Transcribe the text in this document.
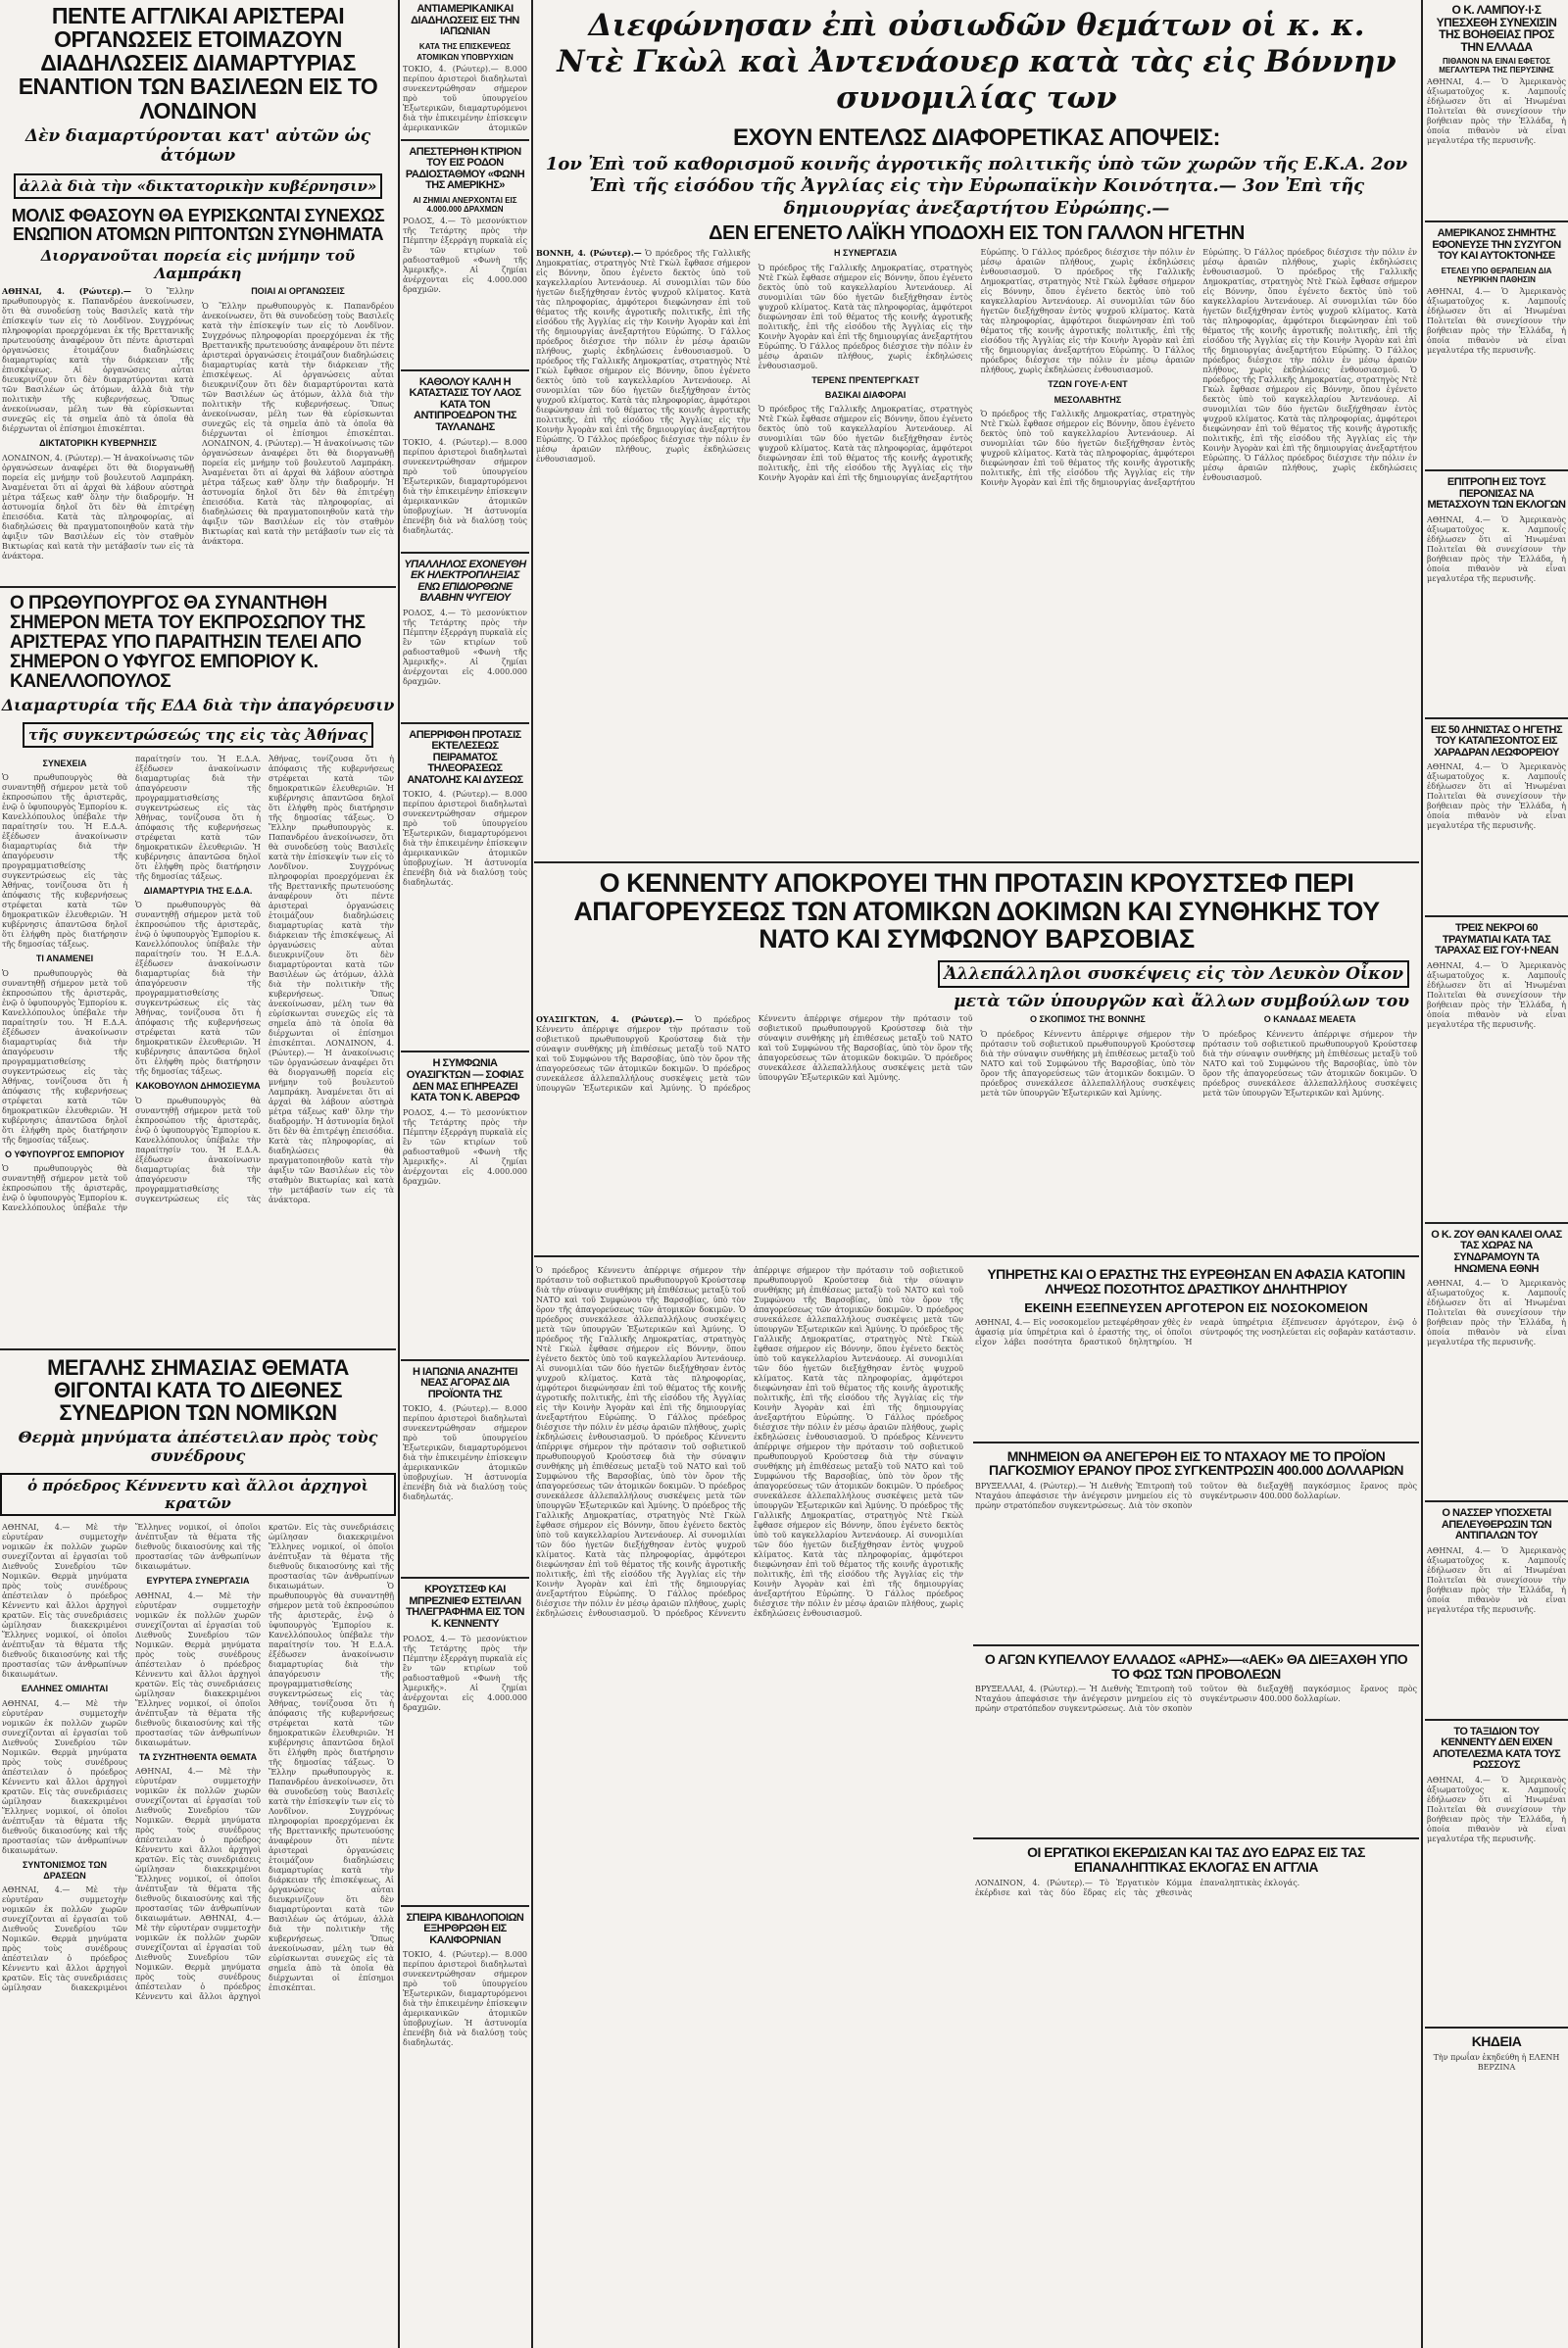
ΠΕΝΤΕ ΑΓΓΛΙΚΑΙ ΑΡΙΣΤΕΡΑΙ ΟΡΓΑΝΩΣΕΙΣ ΕΤΟΙΜΑΖΟΥΝ ΔΙΑΔΗΛΩΣΕΙΣ ΔΙΑΜΑΡΤΥΡΙΑΣ ΕΝΑΝΤΙΟΝ ΤΩΝ ΒΑΣΙΛΕΩΝ ΕΙΣ ΤΟ ΛΟΝΔΙΝΟΝ
Δὲν διαμαρτύρονται κατ' αὐτῶν ὡς ἀτόμων
ἀλλὰ διὰ τὴν «δικτατορικὴν κυβέρνησιν»
ΜΟΛΙΣ ΦΘΑΣΟΥΝ ΘΑ ΕΥΡΙΣΚΩΝΤΑΙ ΣΥΝΕΧΩΣ ΕΝΩΠΙΟΝ ΑΤΟΜΩΝ ΡΙΠΤΟΝΤΩΝ ΣΥΝΘΗΜΑΤΑ
Διοργανοῦται πορεία εἰς μνήμην τοῦ Λαμπράκη
ΑΘΗΝΑΙ, 4. (Ρώυτερ).— Ὁ Ἕλλην πρωθυπουργὸς κ. Παπανδρέου ἀνεκοίνωσεν, ὅτι θὰ συνοδεύσῃ τοὺς Βασιλεῖς κατὰ τὴν ἐπίσκεψίν των εἰς τὸ Λονδῖνον. Συγχρόνως πληροφορίαι προερχόμεναι ἐκ τῆς Βρεττανικῆς πρωτευούσης ἀναφέρουν ὅτι πέντε ἀριστεραὶ ὀργανώσεις ἑτοιμάζουν διαδηλώσεις διαμαρτυρίας κατὰ τὴν διάρκειαν τῆς ἐπισκέψεως. Αἱ ὀργανώσεις αὗται διευκρινίζουν ὅτι δὲν διαμαρτύρονται κατὰ τῶν Βασιλέων ὡς ἀτόμων, ἀλλὰ διὰ τὴν πολιτικὴν τῆς κυβερνήσεως. Ὅπως ἀνεκοίνωσαν, μέλη των θὰ εὑρίσκωνται συνεχῶς εἰς τὰ σημεῖα ἀπὸ τὰ ὁποῖα θὰ διέρχωνται οἱ ἐπίσημοι ἐπισκέπται.
ΔΙΚΤΑΤΟΡΙΚΗ ΚΥΒΕΡΝΗΣΙΣ
ΛΟΝΔΙΝΟΝ, 4. (Ρώυτερ).— Ἡ ἀνακοίνωσις τῶν ὀργανώσεων ἀναφέρει ὅτι θὰ διοργανωθῇ πορεία εἰς μνήμην τοῦ βουλευτοῦ Λαμπράκη. Ἀναμένεται ὅτι αἱ ἀρχαὶ θὰ λάβουν αὐστηρὰ μέτρα τάξεως καθ' ὅλην τὴν διαδρομήν. Ἡ ἀστυνομία δηλοῖ ὅτι δὲν θὰ ἐπιτρέψῃ ἐπεισόδια. Κατὰ τὰς πληροφορίας, αἱ διαδηλώσεις θὰ πραγματοποιηθοῦν κατὰ τὴν ἀφιξιν τῶν Βασιλέων εἰς τὸν σταθμὸν Βικτωρίας καὶ κατὰ τὴν μετάβασίν των εἰς τὰ ἀνάκτορα.
ΠΟΙΑΙ ΑΙ ΟΡΓΑΝΩΣΕΙΣ
Ὁ Ἕλλην πρωθυπουργὸς κ. Παπανδρέου ἀνεκοίνωσεν, ὅτι θὰ συνοδεύσῃ τοὺς Βασιλεῖς κατὰ τὴν ἐπίσκεψίν των εἰς τὸ Λονδῖνον. Συγχρόνως πληροφορίαι προερχόμεναι ἐκ τῆς Βρεττανικῆς πρωτευούσης ἀναφέρουν ὅτι πέντε ἀριστεραὶ ὀργανώσεις ἑτοιμάζουν διαδηλώσεις διαμαρτυρίας κατὰ τὴν διάρκειαν τῆς ἐπισκέψεως. Αἱ ὀργανώσεις αὗται διευκρινίζουν ὅτι δὲν διαμαρτύρονται κατὰ τῶν Βασιλέων ὡς ἀτόμων, ἀλλὰ διὰ τὴν πολιτικὴν τῆς κυβερνήσεως. Ὅπως ἀνεκοίνωσαν, μέλη των θὰ εὑρίσκωνται συνεχῶς εἰς τὰ σημεῖα ἀπὸ τὰ ὁποῖα θὰ διέρχωνται οἱ ἐπίσημοι ἐπισκέπται. ΛΟΝΔΙΝΟΝ, 4. (Ρώυτερ).— Ἡ ἀνακοίνωσις τῶν ὀργανώσεων ἀναφέρει ὅτι θὰ διοργανωθῇ πορεία εἰς μνήμην τοῦ βουλευτοῦ Λαμπράκη. Ἀναμένεται ὅτι αἱ ἀρχαὶ θὰ λάβουν αὐστηρὰ μέτρα τάξεως καθ' ὅλην τὴν διαδρομήν. Ἡ ἀστυνομία δηλοῖ ὅτι δὲν θὰ ἐπιτρέψῃ ἐπεισόδια. Κατὰ τὰς πληροφορίας, αἱ διαδηλώσεις θὰ πραγματοποιηθοῦν κατὰ τὴν ἀφιξιν τῶν Βασιλέων εἰς τὸν σταθμὸν Βικτωρίας καὶ κατὰ τὴν μετάβασίν των εἰς τὰ ἀνάκτορα.
Ο ΠΡΩΘΥΠΟΥΡΓΟΣ ΘΑ ΣΥΝΑΝΤΗΘΗ ΣΗΜΕΡΟΝ ΜΕΤΑ ΤΟΥ ΕΚΠΡΟΣΩΠΟΥ ΤΗΣ ΑΡΙΣΤΕΡΑΣ ΥΠΟ ΠΑΡΑΙΤΗΣΙΝ ΤΕΛΕΙ ΑΠΟ ΣΗΜΕΡΟΝ Ο ΥΦΥΓΟΣ ΕΜΠΟΡΙΟΥ Κ. ΚΑΝΕΛΛΟΠΟΥΛΟΣ
Διαμαρτυρία τῆς ΕΔΑ διὰ τὴν ἀπαγόρευσιν
τῆς συγκεντρώσεώς της εἰς τὰς Ἀθήνας
ΣΥΝΕΧΕΙΑ
Ὁ πρωθυπουργὸς θὰ συναντηθῇ σήμερον μετὰ τοῦ ἐκπροσώπου τῆς ἀριστερᾶς, ἐνῷ ὁ ὑφυπουργὸς Ἐμπορίου κ. Κανελλόπουλος ὑπέβαλε τὴν παραίτησίν του. Ἡ Ε.Δ.Α. ἐξέδωσεν ἀνακοίνωσιν διαμαρτυρίας διὰ τὴν ἀπαγόρευσιν τῆς προγραμματισθείσης συγκεντρώσεως εἰς τὰς Ἀθήνας, τονίζουσα ὅτι ἡ ἀπόφασις τῆς κυβερνήσεως στρέφεται κατὰ τῶν δημοκρατικῶν ἐλευθεριῶν. Ἡ κυβέρνησις ἀπαντῶσα δηλοῖ ὅτι ἐλήφθη πρὸς διατήρησιν τῆς δημοσίας τάξεως.
ΤΙ ΑΝΑΜΕΝΕΙ
Ὁ πρωθυπουργὸς θὰ συναντηθῇ σήμερον μετὰ τοῦ ἐκπροσώπου τῆς ἀριστερᾶς, ἐνῷ ὁ ὑφυπουργὸς Ἐμπορίου κ. Κανελλόπουλος ὑπέβαλε τὴν παραίτησίν του. Ἡ Ε.Δ.Α. ἐξέδωσεν ἀνακοίνωσιν διαμαρτυρίας διὰ τὴν ἀπαγόρευσιν τῆς προγραμματισθείσης συγκεντρώσεως εἰς τὰς Ἀθήνας, τονίζουσα ὅτι ἡ ἀπόφασις τῆς κυβερνήσεως στρέφεται κατὰ τῶν δημοκρατικῶν ἐλευθεριῶν. Ἡ κυβέρνησις ἀπαντῶσα δηλοῖ ὅτι ἐλήφθη πρὸς διατήρησιν τῆς δημοσίας τάξεως.
Ο ΥΦΥΠΟΥΡΓΟΣ ΕΜΠΟΡΙΟΥ
Ὁ πρωθυπουργὸς θὰ συναντηθῇ σήμερον μετὰ τοῦ ἐκπροσώπου τῆς ἀριστερᾶς, ἐνῷ ὁ ὑφυπουργὸς Ἐμπορίου κ. Κανελλόπουλος ὑπέβαλε τὴν παραίτησίν του. Ἡ Ε.Δ.Α. ἐξέδωσεν ἀνακοίνωσιν διαμαρτυρίας διὰ τὴν ἀπαγόρευσιν τῆς προγραμματισθείσης συγκεντρώσεως εἰς τὰς Ἀθήνας, τονίζουσα ὅτι ἡ ἀπόφασις τῆς κυβερνήσεως στρέφεται κατὰ τῶν δημοκρατικῶν ἐλευθεριῶν. Ἡ κυβέρνησις ἀπαντῶσα δηλοῖ ὅτι ἐλήφθη πρὸς διατήρησιν τῆς δημοσίας τάξεως.
ΔΙΑΜΑΡΤΥΡΙΑ ΤΗΣ Ε.Δ.Α.
Ὁ πρωθυπουργὸς θὰ συναντηθῇ σήμερον μετὰ τοῦ ἐκπροσώπου τῆς ἀριστερᾶς, ἐνῷ ὁ ὑφυπουργὸς Ἐμπορίου κ. Κανελλόπουλος ὑπέβαλε τὴν παραίτησίν του. Ἡ Ε.Δ.Α. ἐξέδωσεν ἀνακοίνωσιν διαμαρτυρίας διὰ τὴν ἀπαγόρευσιν τῆς προγραμματισθείσης συγκεντρώσεως εἰς τὰς Ἀθήνας, τονίζουσα ὅτι ἡ ἀπόφασις τῆς κυβερνήσεως στρέφεται κατὰ τῶν δημοκρατικῶν ἐλευθεριῶν. Ἡ κυβέρνησις ἀπαντῶσα δηλοῖ ὅτι ἐλήφθη πρὸς διατήρησιν τῆς δημοσίας τάξεως.
ΚΑΚΟΒΟΥΛΟΝ ΔΗΜΟΣΙΕΥΜΑ
Ὁ πρωθυπουργὸς θὰ συναντηθῇ σήμερον μετὰ τοῦ ἐκπροσώπου τῆς ἀριστερᾶς, ἐνῷ ὁ ὑφυπουργὸς Ἐμπορίου κ. Κανελλόπουλος ὑπέβαλε τὴν παραίτησίν του. Ἡ Ε.Δ.Α. ἐξέδωσεν ἀνακοίνωσιν διαμαρτυρίας διὰ τὴν ἀπαγόρευσιν τῆς προγραμματισθείσης συγκεντρώσεως εἰς τὰς Ἀθήνας, τονίζουσα ὅτι ἡ ἀπόφασις τῆς κυβερνήσεως στρέφεται κατὰ τῶν δημοκρατικῶν ἐλευθεριῶν. Ἡ κυβέρνησις ἀπαντῶσα δηλοῖ ὅτι ἐλήφθη πρὸς διατήρησιν τῆς δημοσίας τάξεως. Ὁ Ἕλλην πρωθυπουργὸς κ. Παπανδρέου ἀνεκοίνωσεν, ὅτι θὰ συνοδεύσῃ τοὺς Βασιλεῖς κατὰ τὴν ἐπίσκεψίν των εἰς τὸ Λονδῖνον. Συγχρόνως πληροφορίαι προερχόμεναι ἐκ τῆς Βρεττανικῆς πρωτευούσης ἀναφέρουν ὅτι πέντε ἀριστεραὶ ὀργανώσεις ἑτοιμάζουν διαδηλώσεις διαμαρτυρίας κατὰ τὴν διάρκειαν τῆς ἐπισκέψεως. Αἱ ὀργανώσεις αὗται διευκρινίζουν ὅτι δὲν διαμαρτύρονται κατὰ τῶν Βασιλέων ὡς ἀτόμων, ἀλλὰ διὰ τὴν πολιτικὴν τῆς κυβερνήσεως. Ὅπως ἀνεκοίνωσαν, μέλη των θὰ εὑρίσκωνται συνεχῶς εἰς τὰ σημεῖα ἀπὸ τὰ ὁποῖα θὰ διέρχωνται οἱ ἐπίσημοι ἐπισκέπται. ΛΟΝΔΙΝΟΝ, 4. (Ρώυτερ).— Ἡ ἀνακοίνωσις τῶν ὀργανώσεων ἀναφέρει ὅτι θὰ διοργανωθῇ πορεία εἰς μνήμην τοῦ βουλευτοῦ Λαμπράκη. Ἀναμένεται ὅτι αἱ ἀρχαὶ θὰ λάβουν αὐστηρὰ μέτρα τάξεως καθ' ὅλην τὴν διαδρομήν. Ἡ ἀστυνομία δηλοῖ ὅτι δὲν θὰ ἐπιτρέψῃ ἐπεισόδια. Κατὰ τὰς πληροφορίας, αἱ διαδηλώσεις θὰ πραγματοποιηθοῦν κατὰ τὴν ἀφιξιν τῶν Βασιλέων εἰς τὸν σταθμὸν Βικτωρίας καὶ κατὰ τὴν μετάβασίν των εἰς τὰ ἀνάκτορα.
ΜΕΓΑΛΗΣ ΣΗΜΑΣΙΑΣ ΘΕΜΑΤΑ ΘΙΓΟΝΤΑΙ ΚΑΤΑ ΤΟ ΔΙΕΘΝΕΣ ΣΥΝΕΔΡΙΟΝ ΤΩΝ ΝΟΜΙΚΩΝ
Θερμὰ μηνύματα ἀπέστειλαν πρὸς τοὺς συνέδρους
ὁ πρόεδρος Κέννεντυ καὶ ἄλλοι ἀρχηγοὶ κρατῶν
ΑΘΗΝΑΙ, 4.— Μὲ τὴν εὐρυτέραν συμμετοχὴν νομικῶν ἐκ πολλῶν χωρῶν συνεχίζονται αἱ ἐργασίαι τοῦ Διεθνοῦς Συνεδρίου τῶν Νομικῶν. Θερμὰ μηνύματα πρὸς τοὺς συνέδρους ἀπέστειλαν ὁ πρόεδρος Κέννεντυ καὶ ἄλλοι ἀρχηγοὶ κρατῶν. Εἰς τὰς συνεδριάσεις ὡμίλησαν διακεκριμένοι Ἕλληνες νομικοί, οἱ ὁποῖοι ἀνέπτυξαν τὰ θέματα τῆς διεθνοῦς δικαιοσύνης καὶ τῆς προστασίας τῶν ἀνθρωπίνων δικαιωμάτων.
ΕΛΛΗΝΕΣ ΟΜΙΛΗΤΑΙ
ΑΘΗΝΑΙ, 4.— Μὲ τὴν εὐρυτέραν συμμετοχὴν νομικῶν ἐκ πολλῶν χωρῶν συνεχίζονται αἱ ἐργασίαι τοῦ Διεθνοῦς Συνεδρίου τῶν Νομικῶν. Θερμὰ μηνύματα πρὸς τοὺς συνέδρους ἀπέστειλαν ὁ πρόεδρος Κέννεντυ καὶ ἄλλοι ἀρχηγοὶ κρατῶν. Εἰς τὰς συνεδριάσεις ὡμίλησαν διακεκριμένοι Ἕλληνες νομικοί, οἱ ὁποῖοι ἀνέπτυξαν τὰ θέματα τῆς διεθνοῦς δικαιοσύνης καὶ τῆς προστασίας τῶν ἀνθρωπίνων δικαιωμάτων.
ΣΥΝΤΟΝΙΣΜΟΣ ΤΩΝ ΔΡΑΣΕΩΝ
ΑΘΗΝΑΙ, 4.— Μὲ τὴν εὐρυτέραν συμμετοχὴν νομικῶν ἐκ πολλῶν χωρῶν συνεχίζονται αἱ ἐργασίαι τοῦ Διεθνοῦς Συνεδρίου τῶν Νομικῶν. Θερμὰ μηνύματα πρὸς τοὺς συνέδρους ἀπέστειλαν ὁ πρόεδρος Κέννεντυ καὶ ἄλλοι ἀρχηγοὶ κρατῶν. Εἰς τὰς συνεδριάσεις ὡμίλησαν διακεκριμένοι Ἕλληνες νομικοί, οἱ ὁποῖοι ἀνέπτυξαν τὰ θέματα τῆς διεθνοῦς δικαιοσύνης καὶ τῆς προστασίας τῶν ἀνθρωπίνων δικαιωμάτων.
ΕΥΡΥΤΕΡΑ ΣΥΝΕΡΓΑΣΙΑ
ΑΘΗΝΑΙ, 4.— Μὲ τὴν εὐρυτέραν συμμετοχὴν νομικῶν ἐκ πολλῶν χωρῶν συνεχίζονται αἱ ἐργασίαι τοῦ Διεθνοῦς Συνεδρίου τῶν Νομικῶν. Θερμὰ μηνύματα πρὸς τοὺς συνέδρους ἀπέστειλαν ὁ πρόεδρος Κέννεντυ καὶ ἄλλοι ἀρχηγοὶ κρατῶν. Εἰς τὰς συνεδριάσεις ὡμίλησαν διακεκριμένοι Ἕλληνες νομικοί, οἱ ὁποῖοι ἀνέπτυξαν τὰ θέματα τῆς διεθνοῦς δικαιοσύνης καὶ τῆς προστασίας τῶν ἀνθρωπίνων δικαιωμάτων.
ΤΑ ΣΥΖΗΤΗΘΕΝΤΑ ΘΕΜΑΤΑ
ΑΘΗΝΑΙ, 4.— Μὲ τὴν εὐρυτέραν συμμετοχὴν νομικῶν ἐκ πολλῶν χωρῶν συνεχίζονται αἱ ἐργασίαι τοῦ Διεθνοῦς Συνεδρίου τῶν Νομικῶν. Θερμὰ μηνύματα πρὸς τοὺς συνέδρους ἀπέστειλαν ὁ πρόεδρος Κέννεντυ καὶ ἄλλοι ἀρχηγοὶ κρατῶν. Εἰς τὰς συνεδριάσεις ὡμίλησαν διακεκριμένοι Ἕλληνες νομικοί, οἱ ὁποῖοι ἀνέπτυξαν τὰ θέματα τῆς διεθνοῦς δικαιοσύνης καὶ τῆς προστασίας τῶν ἀνθρωπίνων δικαιωμάτων. ΑΘΗΝΑΙ, 4.— Μὲ τὴν εὐρυτέραν συμμετοχὴν νομικῶν ἐκ πολλῶν χωρῶν συνεχίζονται αἱ ἐργασίαι τοῦ Διεθνοῦς Συνεδρίου τῶν Νομικῶν. Θερμὰ μηνύματα πρὸς τοὺς συνέδρους ἀπέστειλαν ὁ πρόεδρος Κέννεντυ καὶ ἄλλοι ἀρχηγοὶ κρατῶν. Εἰς τὰς συνεδριάσεις ὡμίλησαν διακεκριμένοι Ἕλληνες νομικοί, οἱ ὁποῖοι ἀνέπτυξαν τὰ θέματα τῆς διεθνοῦς δικαιοσύνης καὶ τῆς προστασίας τῶν ἀνθρωπίνων δικαιωμάτων.	Ὁ πρωθυπουργὸς θὰ συναντηθῇ σήμερον μετὰ τοῦ ἐκπροσώπου τῆς ἀριστερᾶς, ἐνῷ ὁ ὑφυπουργὸς Ἐμπορίου κ. Κανελλόπουλος ὑπέβαλε τὴν παραίτησίν του. Ἡ Ε.Δ.Α. ἐξέδωσεν ἀνακοίνωσιν διαμαρτυρίας διὰ τὴν ἀπαγόρευσιν τῆς προγραμματισθείσης συγκεντρώσεως εἰς τὰς Ἀθήνας, τονίζουσα ὅτι ἡ ἀπόφασις τῆς κυβερνήσεως στρέφεται κατὰ τῶν δημοκρατικῶν ἐλευθεριῶν. Ἡ κυβέρνησις ἀπαντῶσα δηλοῖ ὅτι ἐλήφθη πρὸς διατήρησιν τῆς δημοσίας τάξεως. Ὁ Ἕλλην πρωθυπουργὸς κ. Παπανδρέου ἀνεκοίνωσεν, ὅτι θὰ συνοδεύσῃ τοὺς Βασιλεῖς κατὰ τὴν ἐπίσκεψίν των εἰς τὸ Λονδῖνον. Συγχρόνως πληροφορίαι προερχόμεναι ἐκ τῆς Βρεττανικῆς πρωτευούσης ἀναφέρουν ὅτι πέντε ἀριστεραὶ ὀργανώσεις ἑτοιμάζουν διαδηλώσεις διαμαρτυρίας κατὰ τὴν διάρκειαν τῆς ἐπισκέψεως. Αἱ ὀργανώσεις αὗται διευκρινίζουν ὅτι δὲν διαμαρτύρονται κατὰ τῶν Βασιλέων ὡς ἀτόμων, ἀλλὰ διὰ τὴν πολιτικὴν τῆς κυβερνήσεως. Ὅπως ἀνεκοίνωσαν, μέλη των θὰ εὑρίσκωνται συνεχῶς εἰς τὰ σημεῖα ἀπὸ τὰ ὁποῖα θὰ διέρχωνται οἱ ἐπίσημοι ἐπισκέπται.
ΑΝΤΙΑΜΕΡΙΚΑΝΙΚΑΙ ΔΙΑΔΗΛΩΣΕΙΣ ΕΙΣ ΤΗΝ ΙΑΠΩΝΙΑΝ
ΚΑΤΑ ΤΗΣ ΕΠΙΣΚΕΨΕΩΣ
ΑΤΟΜΙΚΩΝ ΥΠΟΒΡΥΧΙΩΝ
ΤΟΚΙΟ, 4. (Ρώυτερ).— 8.000 περίπου ἀριστεροὶ διαδηλωταὶ συνεκεντρώθησαν σήμερον πρὸ τοῦ ὑπουργείου Ἐξωτερικῶν, διαμαρτυρόμενοι διὰ τὴν ἐπικειμένην ἐπίσκεψιν ἀμερικανικῶν ἀτομικῶν
ΑΠΕΣΤΕΡΗΘΗ ΚΤΙΡΙΟΝ ΤΟΥ ΕΙΣ ΡΟΔΟΝ ΡΑΔΙΟΣΤΑΘΜΟΥ «ΦΩΝΗ ΤΗΣ ΑΜΕΡΙΚΗΣ»
ΑΙ ΖΗΜΙΑΙ ΑΝΕΡΧΟΝΤΑΙ ΕΙΣ 4.000.000 ΔΡΑΧΜΩΝ
ΡΟΔΟΣ, 4.— Τὸ μεσονύκτιον τῆς Τετάρτης πρὸς τὴν Πέμπτην ἐξερράγη πυρκαϊὰ εἰς ἓν τῶν κτιρίων τοῦ ραδιοσταθμοῦ «Φωνὴ τῆς Ἀμερικῆς». Αἱ ζημίαι ἀνέρχονται εἰς 4.000.000 δραχμῶν.
ΚΑΘΟΛΟΥ ΚΑΛΗ Η ΚΑΤΑΣΤΑΣΙΣ ΤΟΥ ΛΑΟΣ ΚΑΤΑ ΤΟΝ ΑΝΤΙΠΡΟΕΔΡΟΝ ΤΗΣ ΤΑΥΛΑΝΔΗΣ
ΤΟΚΙΟ, 4. (Ρώυτερ).— 8.000 περίπου ἀριστεροὶ διαδηλωταὶ συνεκεντρώθησαν σήμερον πρὸ τοῦ ὑπουργείου Ἐξωτερικῶν, διαμαρτυρόμενοι διὰ τὴν ἐπικειμένην ἐπίσκεψιν ἀμερικανικῶν ἀτομικῶν ὑποβρυχίων. Ἡ ἀστυνομία ἐπενέβη διὰ νὰ διαλύσῃ τοὺς διαδηλωτάς.
ΥΠΑΛΛΗΛΟΣ ΕΧΟΝΕΥΘΗ ΕΚ ΗΛΕΚΤΡΟΠΛΗΞΙΑΣ ΕΝΩ ΕΠΙΔΙΟΡΘΩΝΕ ΒΛΑΒΗΝ ΨΥΓΕΙΟΥ
ΡΟΔΟΣ, 4.— Τὸ μεσονύκτιον τῆς Τετάρτης πρὸς τὴν Πέμπτην ἐξερράγη πυρκαϊὰ εἰς ἓν τῶν κτιρίων τοῦ ραδιοσταθμοῦ «Φωνὴ τῆς Ἀμερικῆς». Αἱ ζημίαι ἀνέρχονται εἰς 4.000.000 δραχμῶν.
ΑΠΕΡΡΙΦΘΗ ΠΡΟΤΑΣΙΣ ΕΚΤΕΛΕΣΕΩΣ ΠΕΙΡΑΜΑΤΟΣ ΤΗΛΕΟΡΑΣΕΩΣ ΑΝΑΤΟΛΗΣ ΚΑΙ ΔΥΣΕΩΣ
ΤΟΚΙΟ, 4. (Ρώυτερ).— 8.000 περίπου ἀριστεροὶ διαδηλωταὶ συνεκεντρώθησαν σήμερον πρὸ τοῦ ὑπουργείου Ἐξωτερικῶν, διαμαρτυρόμενοι διὰ τὴν ἐπικειμένην ἐπίσκεψιν ἀμερικανικῶν ἀτομικῶν ὑποβρυχίων. Ἡ ἀστυνομία ἐπενέβη διὰ νὰ διαλύσῃ τοὺς διαδηλωτάς.
Η ΣΥΜΦΩΝΙΑ ΟΥΑΣΙΓΚΤΩΝ — ΣΟΦΙΑΣ ΔΕΝ ΜΑΣ ΕΠΗΡΕΑΖΕΙ ΚΑΤΑ ΤΟΝ Κ. ΑΒΕΡΩΦ
ΡΟΔΟΣ, 4.— Τὸ μεσονύκτιον τῆς Τετάρτης πρὸς τὴν Πέμπτην ἐξερράγη πυρκαϊὰ εἰς ἓν τῶν κτιρίων τοῦ ραδιοσταθμοῦ «Φωνὴ τῆς Ἀμερικῆς». Αἱ ζημίαι ἀνέρχονται εἰς 4.000.000 δραχμῶν.
Η ΙΑΠΩΝΙΑ ΑΝΑΖΗΤΕΙ ΝΕΑΣ ΑΓΟΡΑΣ ΔΙΑ ΠΡΟΪΟΝΤΑ ΤΗΣ
ΤΟΚΙΟ, 4. (Ρώυτερ).— 8.000 περίπου ἀριστεροὶ διαδηλωταὶ συνεκεντρώθησαν σήμερον πρὸ τοῦ ὑπουργείου Ἐξωτερικῶν, διαμαρτυρόμενοι διὰ τὴν ἐπικειμένην ἐπίσκεψιν ἀμερικανικῶν ἀτομικῶν ὑποβρυχίων. Ἡ ἀστυνομία ἐπενέβη διὰ νὰ διαλύσῃ τοὺς διαδηλωτάς.
ΚΡΟΥΣΤΣΕΦ ΚΑΙ ΜΠΡΕΖΝΙΕΦ ΕΣΤΕΙΛΑΝ ΤΗΛΕΓΡΑΦΗΜΑ ΕΙΣ ΤΟΝ Κ. ΚΕΝΝΕΝΤΥ
ΡΟΔΟΣ, 4.— Τὸ μεσονύκτιον τῆς Τετάρτης πρὸς τὴν Πέμπτην ἐξερράγη πυρκαϊὰ εἰς ἓν τῶν κτιρίων τοῦ ραδιοσταθμοῦ «Φωνὴ τῆς Ἀμερικῆς». Αἱ ζημίαι ἀνέρχονται εἰς 4.000.000 δραχμῶν.
ΣΠΕΙΡΑ ΚΙΒΔΗΛΟΠΟΙΩΝ ΕΞΗΡΘΡΩΘΗ ΕΙΣ ΚΑΛΙΦΟΡΝΙΑΝ
ΤΟΚΙΟ, 4. (Ρώυτερ).— 8.000 περίπου ἀριστεροὶ διαδηλωταὶ συνεκεντρώθησαν σήμερον πρὸ τοῦ ὑπουργείου Ἐξωτερικῶν, διαμαρτυρόμενοι διὰ τὴν ἐπικειμένην ἐπίσκεψιν ἀμερικανικῶν ἀτομικῶν ὑποβρυχίων. Ἡ ἀστυνομία ἐπενέβη διὰ νὰ διαλύσῃ τοὺς διαδηλωτάς.
Διεφώνησαν ἐπὶ οὐσιωδῶν θεμάτων οἱ κ. κ. Ντὲ Γκὼλ καὶ Ἀντενάουερ κατὰ τὰς εἰς Βόννην συνομιλίας των
ΕΧΟΥΝ ΕΝΤΕΛΩΣ ΔΙΑΦΟΡΕΤΙΚΑΣ ΑΠΟΨΕΙΣ:
1ον Ἐπὶ τοῦ καθορισμοῦ κοινῆς ἀγροτικῆς πολιτικῆς ὑπὸ τῶν χωρῶν τῆς Ε.Κ.Α. 2ον Ἐπὶ τῆς εἰσόδου τῆς Ἀγγλίας εἰς τὴν Εὐρωπαϊκὴν Κοινότητα.— 3ον Ἐπὶ τῆς δημιουργίας ἀνεξαρτήτου Εὐρώπης.—
ΔΕΝ ΕΓΕΝΕΤΟ ΛΑΪΚΗ ΥΠΟΔΟΧΗ ΕΙΣ ΤΟΝ ΓΑΛΛΟΝ ΗΓΕΤΗΝ
ΒΟΝΝΗ, 4. (Ρώυτερ).— Ὁ πρόεδρος τῆς Γαλλικῆς Δημοκρατίας, στρατηγὸς Ντὲ Γκὼλ ἔφθασε σήμερον εἰς Βόννην, ὅπου ἐγένετο δεκτὸς ὑπὸ τοῦ καγκελλαρίου Ἀντενάουερ. Αἱ συνομιλίαι τῶν δύο ἡγετῶν διεξήχθησαν ἐντὸς ψυχροῦ κλίματος. Κατὰ τὰς πληροφορίας, ἀμφότεροι διεφώνησαν ἐπὶ τοῦ θέματος τῆς κοινῆς ἀγροτικῆς πολιτικῆς, ἐπὶ τῆς εἰσόδου τῆς Ἀγγλίας εἰς τὴν Κοινὴν Ἀγορὰν καὶ ἐπὶ τῆς δημιουργίας ἀνεξαρτήτου Εὐρώπης. Ὁ Γάλλος πρόεδρος διέσχισε τὴν πόλιν ἐν μέσῳ ἀραιῶν πλήθους, χωρὶς ἐκδηλώσεις ἐνθουσιασμοῦ. Ὁ πρόεδρος τῆς Γαλλικῆς Δημοκρατίας, στρατηγὸς Ντὲ Γκὼλ ἔφθασε σήμερον εἰς Βόννην, ὅπου ἐγένετο δεκτὸς ὑπὸ τοῦ καγκελλαρίου Ἀντενάουερ. Αἱ συνομιλίαι τῶν δύο ἡγετῶν διεξήχθησαν ἐντὸς ψυχροῦ κλίματος. Κατὰ τὰς πληροφορίας, ἀμφότεροι διεφώνησαν ἐπὶ τοῦ θέματος τῆς κοινῆς ἀγροτικῆς πολιτικῆς, ἐπὶ τῆς εἰσόδου τῆς Ἀγγλίας εἰς τὴν Κοινὴν Ἀγορὰν καὶ ἐπὶ τῆς δημιουργίας ἀνεξαρτήτου Εὐρώπης. Ὁ Γάλλος πρόεδρος διέσχισε τὴν πόλιν ἐν μέσῳ ἀραιῶν πλήθους, χωρὶς ἐκδηλώσεις ἐνθουσιασμοῦ.
Η ΣΥΝΕΡΓΑΣΙΑ
Ὁ πρόεδρος τῆς Γαλλικῆς Δημοκρατίας, στρατηγὸς Ντὲ Γκὼλ ἔφθασε σήμερον εἰς Βόννην, ὅπου ἐγένετο δεκτὸς ὑπὸ τοῦ καγκελλαρίου Ἀντενάουερ. Αἱ συνομιλίαι τῶν δύο ἡγετῶν διεξήχθησαν ἐντὸς ψυχροῦ κλίματος. Κατὰ τὰς πληροφορίας, ἀμφότεροι διεφώνησαν ἐπὶ τοῦ θέματος τῆς κοινῆς ἀγροτικῆς πολιτικῆς, ἐπὶ τῆς εἰσόδου τῆς Ἀγγλίας εἰς τὴν Κοινὴν Ἀγορὰν καὶ ἐπὶ τῆς δημιουργίας ἀνεξαρτήτου Εὐρώπης. Ὁ Γάλλος πρόεδρος διέσχισε τὴν πόλιν ἐν μέσῳ ἀραιῶν πλήθους, χωρὶς ἐκδηλώσεις ἐνθουσιασμοῦ.
ΤΕΡΕΝΣ ΠΡΕΝΤΕΡΓΚΑΣΤ
ΒΑΣΙΚΑΙ ΔΙΑΦΟΡΑΙ
Ὁ πρόεδρος τῆς Γαλλικῆς Δημοκρατίας, στρατηγὸς Ντὲ Γκὼλ ἔφθασε σήμερον εἰς Βόννην, ὅπου ἐγένετο δεκτὸς ὑπὸ τοῦ καγκελλαρίου Ἀντενάουερ. Αἱ συνομιλίαι τῶν δύο ἡγετῶν διεξήχθησαν ἐντὸς ψυχροῦ κλίματος. Κατὰ τὰς πληροφορίας, ἀμφότεροι διεφώνησαν ἐπὶ τοῦ θέματος τῆς κοινῆς ἀγροτικῆς πολιτικῆς, ἐπὶ τῆς εἰσόδου τῆς Ἀγγλίας εἰς τὴν Κοινὴν Ἀγορὰν καὶ ἐπὶ τῆς δημιουργίας ἀνεξαρτήτου Εὐρώπης. Ὁ Γάλλος πρόεδρος διέσχισε τὴν πόλιν ἐν μέσῳ ἀραιῶν πλήθους, χωρὶς ἐκδηλώσεις ἐνθουσιασμοῦ. Ὁ πρόεδρος τῆς Γαλλικῆς Δημοκρατίας, στρατηγὸς Ντὲ Γκὼλ ἔφθασε σήμερον εἰς Βόννην, ὅπου ἐγένετο δεκτὸς ὑπὸ τοῦ καγκελλαρίου Ἀντενάουερ. Αἱ συνομιλίαι τῶν δύο ἡγετῶν διεξήχθησαν ἐντὸς ψυχροῦ κλίματος. Κατὰ τὰς πληροφορίας, ἀμφότεροι διεφώνησαν ἐπὶ τοῦ θέματος τῆς κοινῆς ἀγροτικῆς πολιτικῆς, ἐπὶ τῆς εἰσόδου τῆς Ἀγγλίας εἰς τὴν Κοινὴν Ἀγορὰν καὶ ἐπὶ τῆς δημιουργίας ἀνεξαρτήτου Εὐρώπης. Ὁ Γάλλος πρόεδρος διέσχισε τὴν πόλιν ἐν μέσῳ ἀραιῶν πλήθους, χωρὶς ἐκδηλώσεις ἐνθουσιασμοῦ.
ΤΖΩΝ ΓΟΥΕ·Λ·ΕΝΤ
ΜΕΣΟΛΑΒΗΤΗΣ
Ὁ πρόεδρος τῆς Γαλλικῆς Δημοκρατίας, στρατηγὸς Ντὲ Γκὼλ ἔφθασε σήμερον εἰς Βόννην, ὅπου ἐγένετο δεκτὸς ὑπὸ τοῦ καγκελλαρίου Ἀντενάουερ. Αἱ συνομιλίαι τῶν δύο ἡγετῶν διεξήχθησαν ἐντὸς ψυχροῦ κλίματος. Κατὰ τὰς πληροφορίας, ἀμφότεροι διεφώνησαν ἐπὶ τοῦ θέματος τῆς κοινῆς ἀγροτικῆς πολιτικῆς, ἐπὶ τῆς εἰσόδου τῆς Ἀγγλίας εἰς τὴν Κοινὴν Ἀγορὰν καὶ ἐπὶ τῆς δημιουργίας ἀνεξαρτήτου Εὐρώπης. Ὁ Γάλλος πρόεδρος διέσχισε τὴν πόλιν ἐν μέσῳ ἀραιῶν πλήθους, χωρὶς ἐκδηλώσεις ἐνθουσιασμοῦ. Ὁ πρόεδρος τῆς Γαλλικῆς Δημοκρατίας, στρατηγὸς Ντὲ Γκὼλ ἔφθασε σήμερον εἰς Βόννην, ὅπου ἐγένετο δεκτὸς ὑπὸ τοῦ καγκελλαρίου Ἀντενάουερ. Αἱ συνομιλίαι τῶν δύο ἡγετῶν διεξήχθησαν ἐντὸς ψυχροῦ κλίματος. Κατὰ τὰς πληροφορίας, ἀμφότεροι διεφώνησαν ἐπὶ τοῦ θέματος τῆς κοινῆς ἀγροτικῆς πολιτικῆς, ἐπὶ τῆς εἰσόδου τῆς Ἀγγλίας εἰς τὴν Κοινὴν Ἀγορὰν καὶ ἐπὶ τῆς δημιουργίας ἀνεξαρτήτου Εὐρώπης. Ὁ Γάλλος πρόεδρος διέσχισε τὴν πόλιν ἐν μέσῳ ἀραιῶν πλήθους, χωρὶς ἐκδηλώσεις ἐνθουσιασμοῦ. Ὁ πρόεδρος τῆς Γαλλικῆς Δημοκρατίας, στρατηγὸς Ντὲ Γκὼλ ἔφθασε σήμερον εἰς Βόννην, ὅπου ἐγένετο δεκτὸς ὑπὸ τοῦ καγκελλαρίου Ἀντενάουερ. Αἱ συνομιλίαι τῶν δύο ἡγετῶν διεξήχθησαν ἐντὸς ψυχροῦ κλίματος. Κατὰ τὰς πληροφορίας, ἀμφότεροι διεφώνησαν ἐπὶ τοῦ θέματος τῆς κοινῆς ἀγροτικῆς πολιτικῆς, ἐπὶ τῆς εἰσόδου τῆς Ἀγγλίας εἰς τὴν Κοινὴν Ἀγορὰν καὶ ἐπὶ τῆς δημιουργίας ἀνεξαρτήτου Εὐρώπης. Ὁ Γάλλος πρόεδρος διέσχισε τὴν πόλιν ἐν μέσῳ ἀραιῶν πλήθους, χωρὶς ἐκδηλώσεις ἐνθουσιασμοῦ.
Ο ΚΕΝΝΕΝΤΥ ΑΠΟΚΡΟΥΕΙ ΤΗΝ ΠΡΟΤΑΣΙΝ ΚΡΟΥΣΤΣΕΦ ΠΕΡΙ ΑΠΑΓΟΡΕΥΣΕΩΣ ΤΩΝ ΑΤΟΜΙΚΩΝ ΔΟΚΙΜΩΝ ΚΑΙ ΣΥΝΘΗΚΗΣ ΤΟΥ ΝΑΤΟ ΚΑΙ ΣΥΜΦΩΝΟΥ ΒΑΡΣΟΒΙΑΣ
Ἀλλεπάλληλοι συσκέψεις εἰς τὸν Λευκὸν Οἶκον
μετὰ τῶν ὑπουργῶν καὶ ἄλλων συμβούλων του
ΟΥΑΣΙΓΚΤΩΝ, 4. (Ρώυτερ).— Ὁ πρόεδρος Κέννεντυ ἀπέρριψε σήμερον τὴν πρότασιν τοῦ σοβιετικοῦ πρωθυπουργοῦ Κρούστσεφ διὰ τὴν σύναψιν συνθήκης μὴ ἐπιθέσεως μεταξὺ τοῦ ΝΑΤΟ καὶ τοῦ Συμφώνου τῆς Βαρσοβίας, ὑπὸ τὸν ὅρον τῆς ἀπαγορεύσεως τῶν ἀτομικῶν δοκιμῶν. Ὁ πρόεδρος συνεκάλεσε ἀλλεπαλλήλους συσκέψεις μετὰ τῶν ὑπουργῶν Ἐξωτερικῶν καὶ Ἀμύνης. Ὁ πρόεδρος Κέννεντυ ἀπέρριψε σήμερον τὴν πρότασιν τοῦ σοβιετικοῦ πρωθυπουργοῦ Κρούστσεφ διὰ τὴν σύναψιν συνθήκης μὴ ἐπιθέσεως μεταξὺ τοῦ ΝΑΤΟ καὶ τοῦ Συμφώνου τῆς Βαρσοβίας, ὑπὸ τὸν ὅρον τῆς ἀπαγορεύσεως τῶν ἀτομικῶν δοκιμῶν. Ὁ πρόεδρος συνεκάλεσε ἀλλεπαλλήλους συσκέψεις μετὰ τῶν ὑπουργῶν Ἐξωτερικῶν καὶ Ἀμύνης.
Ο ΣΚΟΠΙΜΟΣ ΤΗΣ ΒΟΝΝΗΣ
Ὁ πρόεδρος Κέννεντυ ἀπέρριψε σήμερον τὴν πρότασιν τοῦ σοβιετικοῦ πρωθυπουργοῦ Κρούστσεφ διὰ τὴν σύναψιν συνθήκης μὴ ἐπιθέσεως μεταξὺ τοῦ ΝΑΤΟ καὶ τοῦ Συμφώνου τῆς Βαρσοβίας, ὑπὸ τὸν ὅρον τῆς ἀπαγορεύσεως τῶν ἀτομικῶν δοκιμῶν. Ὁ πρόεδρος συνεκάλεσε ἀλλεπαλλήλους συσκέψεις μετὰ τῶν ὑπουργῶν Ἐξωτερικῶν καὶ Ἀμύνης.
Ο ΚΑΝΑΔΑΣ ΜΕΑΕΤΑ
Ὁ πρόεδρος Κέννεντυ ἀπέρριψε σήμερον τὴν πρότασιν τοῦ σοβιετικοῦ πρωθυπουργοῦ Κρούστσεφ διὰ τὴν σύναψιν συνθήκης μὴ ἐπιθέσεως μεταξὺ τοῦ ΝΑΤΟ καὶ τοῦ Συμφώνου τῆς Βαρσοβίας, ὑπὸ τὸν ὅρον τῆς ἀπαγορεύσεως τῶν ἀτομικῶν δοκιμῶν. Ὁ πρόεδρος συνεκάλεσε ἀλλεπαλλήλους συσκέψεις μετὰ τῶν ὑπουργῶν Ἐξωτερικῶν καὶ Ἀμύνης.
Ὁ πρόεδρος Κέννεντυ ἀπέρριψε σήμερον τὴν πρότασιν τοῦ σοβιετικοῦ πρωθυπουργοῦ Κρούστσεφ διὰ τὴν σύναψιν συνθήκης μὴ ἐπιθέσεως μεταξὺ τοῦ ΝΑΤΟ καὶ τοῦ Συμφώνου τῆς Βαρσοβίας, ὑπὸ τὸν ὅρον τῆς ἀπαγορεύσεως τῶν ἀτομικῶν δοκιμῶν. Ὁ πρόεδρος συνεκάλεσε ἀλλεπαλλήλους συσκέψεις μετὰ τῶν ὑπουργῶν Ἐξωτερικῶν καὶ Ἀμύνης. Ὁ πρόεδρος τῆς Γαλλικῆς Δημοκρατίας, στρατηγὸς Ντὲ Γκὼλ ἔφθασε σήμερον εἰς Βόννην, ὅπου ἐγένετο δεκτὸς ὑπὸ τοῦ καγκελλαρίου Ἀντενάουερ. Αἱ συνομιλίαι τῶν δύο ἡγετῶν διεξήχθησαν ἐντὸς ψυχροῦ κλίματος. Κατὰ τὰς πληροφορίας, ἀμφότεροι διεφώνησαν ἐπὶ τοῦ θέματος τῆς κοινῆς ἀγροτικῆς πολιτικῆς, ἐπὶ τῆς εἰσόδου τῆς Ἀγγλίας εἰς τὴν Κοινὴν Ἀγορὰν καὶ ἐπὶ τῆς δημιουργίας ἀνεξαρτήτου Εὐρώπης. Ὁ Γάλλος πρόεδρος διέσχισε τὴν πόλιν ἐν μέσῳ ἀραιῶν πλήθους, χωρὶς ἐκδηλώσεις ἐνθουσιασμοῦ. Ὁ πρόεδρος Κέννεντυ ἀπέρριψε σήμερον τὴν πρότασιν τοῦ σοβιετικοῦ πρωθυπουργοῦ Κρούστσεφ διὰ τὴν σύναψιν συνθήκης μὴ ἐπιθέσεως μεταξὺ τοῦ ΝΑΤΟ καὶ τοῦ Συμφώνου τῆς Βαρσοβίας, ὑπὸ τὸν ὅρον τῆς ἀπαγορεύσεως τῶν ἀτομικῶν δοκιμῶν. Ὁ πρόεδρος συνεκάλεσε ἀλλεπαλλήλους συσκέψεις μετὰ τῶν ὑπουργῶν Ἐξωτερικῶν καὶ Ἀμύνης. Ὁ πρόεδρος τῆς Γαλλικῆς Δημοκρατίας, στρατηγὸς Ντὲ Γκὼλ ἔφθασε σήμερον εἰς Βόννην, ὅπου ἐγένετο δεκτὸς ὑπὸ τοῦ καγκελλαρίου Ἀντενάουερ. Αἱ συνομιλίαι τῶν δύο ἡγετῶν διεξήχθησαν ἐντὸς ψυχροῦ κλίματος. Κατὰ τὰς πληροφορίας, ἀμφότεροι διεφώνησαν ἐπὶ τοῦ θέματος τῆς κοινῆς ἀγροτικῆς πολιτικῆς, ἐπὶ τῆς εἰσόδου τῆς Ἀγγλίας εἰς τὴν Κοινὴν Ἀγορὰν καὶ ἐπὶ τῆς δημιουργίας ἀνεξαρτήτου Εὐρώπης. Ὁ Γάλλος πρόεδρος διέσχισε τὴν πόλιν ἐν μέσῳ ἀραιῶν πλήθους, χωρὶς ἐκδηλώσεις ἐνθουσιασμοῦ. Ὁ πρόεδρος Κέννεντυ ἀπέρριψε σήμερον τὴν πρότασιν τοῦ σοβιετικοῦ πρωθυπουργοῦ Κρούστσεφ διὰ τὴν σύναψιν συνθήκης μὴ ἐπιθέσεως μεταξὺ τοῦ ΝΑΤΟ καὶ τοῦ Συμφώνου τῆς Βαρσοβίας, ὑπὸ τὸν ὅρον τῆς ἀπαγορεύσεως τῶν ἀτομικῶν δοκιμῶν. Ὁ πρόεδρος συνεκάλεσε ἀλλεπαλλήλους συσκέψεις μετὰ τῶν ὑπουργῶν Ἐξωτερικῶν καὶ Ἀμύνης. Ὁ πρόεδρος τῆς Γαλλικῆς Δημοκρατίας, στρατηγὸς Ντὲ Γκὼλ ἔφθασε σήμερον εἰς Βόννην, ὅπου ἐγένετο δεκτὸς ὑπὸ τοῦ καγκελλαρίου Ἀντενάουερ. Αἱ συνομιλίαι τῶν δύο ἡγετῶν διεξήχθησαν ἐντὸς ψυχροῦ κλίματος. Κατὰ τὰς πληροφορίας, ἀμφότεροι διεφώνησαν ἐπὶ τοῦ θέματος τῆς κοινῆς ἀγροτικῆς πολιτικῆς, ἐπὶ τῆς εἰσόδου τῆς Ἀγγλίας εἰς τὴν Κοινὴν Ἀγορὰν καὶ ἐπὶ τῆς δημιουργίας ἀνεξαρτήτου Εὐρώπης. Ὁ Γάλλος πρόεδρος διέσχισε τὴν πόλιν ἐν μέσῳ ἀραιῶν πλήθους, χωρὶς ἐκδηλώσεις ἐνθουσιασμοῦ. Ὁ πρόεδρος Κέννεντυ ἀπέρριψε σήμερον τὴν πρότασιν τοῦ σοβιετικοῦ πρωθυπουργοῦ Κρούστσεφ διὰ τὴν σύναψιν συνθήκης μὴ ἐπιθέσεως μεταξὺ τοῦ ΝΑΤΟ καὶ τοῦ Συμφώνου τῆς Βαρσοβίας, ὑπὸ τὸν ὅρον τῆς ἀπαγορεύσεως τῶν ἀτομικῶν δοκιμῶν. Ὁ πρόεδρος συνεκάλεσε ἀλλεπαλλήλους συσκέψεις μετὰ τῶν ὑπουργῶν Ἐξωτερικῶν καὶ Ἀμύνης. Ὁ πρόεδρος τῆς Γαλλικῆς Δημοκρατίας, στρατηγὸς Ντὲ Γκὼλ ἔφθασε σήμερον εἰς Βόννην, ὅπου ἐγένετο δεκτὸς ὑπὸ τοῦ καγκελλαρίου Ἀντενάουερ. Αἱ συνομιλίαι τῶν δύο ἡγετῶν διεξήχθησαν ἐντὸς ψυχροῦ κλίματος. Κατὰ τὰς πληροφορίας, ἀμφότεροι διεφώνησαν ἐπὶ τοῦ θέματος τῆς κοινῆς ἀγροτικῆς πολιτικῆς, ἐπὶ τῆς εἰσόδου τῆς Ἀγγλίας εἰς τὴν Κοινὴν Ἀγορὰν καὶ ἐπὶ τῆς δημιουργίας ἀνεξαρτήτου Εὐρώπης. Ὁ Γάλλος πρόεδρος διέσχισε τὴν πόλιν ἐν μέσῳ ἀραιῶν πλήθους, χωρὶς ἐκδηλώσεις ἐνθουσιασμοῦ.
ΥΠΗΡΕΤΗΣ ΚΑΙ Ο ΕΡΑΣΤΗΣ ΤΗΣ ΕΥΡΕΘΗΣΑΝ ΕΝ ΑΦΑΣΙΑ ΚΑΤΟΠΙΝ ΛΗΨΕΩΣ ΠΟΣΟΤΗΤΟΣ ΔΡΑΣΤΙΚΟΥ ΔΗΛΗΤΗΡΙΟΥ
ΕΚΕΙΝΗ ΕΞΕΠΝΕΥΣΕΝ ΑΡΓΟΤΕΡΟΝ ΕΙΣ ΝΟΣΟΚΟΜΕΙΟΝ
ΑΘΗΝΑΙ, 4.— Εἰς νοσοκομεῖον μετεφέρθησαν χθὲς ἐν ἀφασίᾳ μία ὑπηρέτρια καὶ ὁ ἐραστής της, οἱ ὁποῖοι εἶχον λάβει ποσότητα δραστικοῦ δηλητηρίου. Ἡ νεαρὰ ὑπηρέτρια ἐξέπνευσεν ἀργότερον, ἐνῷ ὁ σύντροφός της νοσηλεύεται εἰς σοβαρὰν κατάστασιν.
ΜΝΗΜΕΙΟΝ ΘΑ ΑΝΕΓΕΡΘΗ ΕΙΣ ΤΟ ΝΤΑΧΑΟΥ ΜΕ ΤΟ ΠΡΟΪΟΝ ΠΑΓΚΟΣΜΙΟΥ ΕΡΑΝΟΥ ΠΡΟΣ ΣΥΓΚΕΝΤΡΩΣΙΝ 400.000 ΔΟΛΛΑΡΙΩΝ
ΒΡΥΞΕΛΛΑΙ, 4. (Ρώυτερ).— Ἡ Διεθνὴς Ἐπιτροπὴ τοῦ Νταχάου ἀπεφάσισε τὴν ἀνέγερσιν μνημείου εἰς τὸ πρώην στρατόπεδον συγκεντρώσεως. Διὰ τὸν σκοπὸν τοῦτον θὰ διεξαχθῇ παγκόσμιος ἔρανος πρὸς συγκέντρωσιν 400.000 δολλαρίων.
Ο ΑΓΩΝ ΚΥΠΕΛΛΟΥ ΕΛΛΑΔΟΣ «ΑΡΗΣ»—«ΑΕΚ» ΘΑ ΔΙΕΞΑΧΘΗ ΥΠΟ ΤΟ ΦΩΣ ΤΩΝ ΠΡΟΒΟΛΕΩΝ
ΒΡΥΞΕΛΛΑΙ, 4. (Ρώυτερ).— Ἡ Διεθνὴς Ἐπιτροπὴ τοῦ Νταχάου ἀπεφάσισε τὴν ἀνέγερσιν μνημείου εἰς τὸ πρώην στρατόπεδον συγκεντρώσεως. Διὰ τὸν σκοπὸν τοῦτον θὰ διεξαχθῇ παγκόσμιος ἔρανος πρὸς συγκέντρωσιν 400.000 δολλαρίων.
ΟΙ ΕΡΓΑΤΙΚΟΙ ΕΚΕΡΔΙΣΑΝ ΚΑΙ ΤΑΣ ΔΥΟ ΕΔΡΑΣ ΕΙΣ ΤΑΣ ΕΠΑΝΑΛΗΠΤΙΚΑΣ ΕΚΛΟΓΑΣ ΕΝ ΑΓΓΛΙΑ
ΛΟΝΔΙΝΟΝ, 4. (Ρώυτερ).— Τὸ Ἐργατικὸν Κόμμα ἐκέρδισε καὶ τὰς δύο ἕδρας εἰς τὰς χθεσινὰς ἐπαναληπτικὰς ἐκλογάς.
Ο Κ. ΛΑΜΠΟΥ·Ι·Σ ΥΠΕΣΧΕΘΗ ΣΥΝΕΧΙΣΙΝ ΤΗΣ ΒΟΗΘΕΙΑΣ ΠΡΟΣ ΤΗΝ ΕΛΛΑΔΑ
ΠΙΘΑΝΟΝ ΝΑ ΕΙΝΑΙ ΕΦΕΤΟΣ ΜΕΓΑΛΥΤΕΡΑ ΤΗΣ ΠΕΡΥΣΙΝΗΣ
ΑΘΗΝΑΙ, 4.— Ὁ Ἀμερικανὸς ἀξιωματοῦχος κ. Λαμπουΐς ἐδήλωσεν ὅτι αἱ Ἡνωμέναι Πολιτεῖαι θὰ συνεχίσουν τὴν βοήθειαν πρὸς τὴν Ἑλλάδα, ἡ ὁποία πιθανὸν νὰ εἶναι μεγαλυτέρα τῆς περυσινῆς.
ΑΜΕΡΙΚΑΝΟΣ ΣΗΜΗΤΗΣ ΕΦΟΝΕΥΣΕ ΤΗΝ ΣΥΖΥΓΟΝ ΤΟΥ ΚΑΙ ΑΥΤΟΚΤΟΝΗΣΕ
ΕΤΕΛΕΙ ΥΠΟ ΘΕΡΑΠΕΙΑΝ ΔΙΑ ΝΕΥΡΙΚΗΝ ΠΑΘΗΣΙΝ
ΑΘΗΝΑΙ, 4.— Ὁ Ἀμερικανὸς ἀξιωματοῦχος κ. Λαμπουΐς ἐδήλωσεν ὅτι αἱ Ἡνωμέναι Πολιτεῖαι θὰ συνεχίσουν τὴν βοήθειαν πρὸς τὴν Ἑλλάδα, ἡ ὁποία πιθανὸν νὰ εἶναι μεγαλυτέρα τῆς περυσινῆς.
ΕΠΙΤΡΟΠΗ ΕΙΣ ΤΟΥΣ ΠΕΡΟΝΙΣΑΣ ΝΑ ΜΕΤΑΣΧΟΥΝ ΤΩΝ ΕΚΛΟΓΩΝ
ΑΘΗΝΑΙ, 4.— Ὁ Ἀμερικανὸς ἀξιωματοῦχος κ. Λαμπουΐς ἐδήλωσεν ὅτι αἱ Ἡνωμέναι Πολιτεῖαι θὰ συνεχίσουν τὴν βοήθειαν πρὸς τὴν Ἑλλάδα, ἡ ὁποία πιθανὸν νὰ εἶναι μεγαλυτέρα τῆς περυσινῆς.
ΕΙΣ 50 ΛΗΝΙΣΤΑΣ Ο ΗΓΕΤΗΣ ΤΟΥ ΚΑΤΑΠΕΣΟΝΤΟΣ ΕΙΣ ΧΑΡΑΔΡΑΝ ΛΕΩΦΟΡΕΙΟΥ
ΑΘΗΝΑΙ, 4.— Ὁ Ἀμερικανὸς ἀξιωματοῦχος κ. Λαμπουΐς ἐδήλωσεν ὅτι αἱ Ἡνωμέναι Πολιτεῖαι θὰ συνεχίσουν τὴν βοήθειαν πρὸς τὴν Ἑλλάδα, ἡ ὁποία πιθανὸν νὰ εἶναι μεγαλυτέρα τῆς περυσινῆς.
ΤΡΕΙΣ ΝΕΚΡΟΙ 60 ΤΡΑΥΜΑΤΙΑΙ ΚΑΤΑ ΤΑΣ ΤΑΡΑΧΑΣ ΕΙΣ ΓΟΥ·Ι·ΝΕΑΝ
ΑΘΗΝΑΙ, 4.— Ὁ Ἀμερικανὸς ἀξιωματοῦχος κ. Λαμπουΐς ἐδήλωσεν ὅτι αἱ Ἡνωμέναι Πολιτεῖαι θὰ συνεχίσουν τὴν βοήθειαν πρὸς τὴν Ἑλλάδα, ἡ ὁποία πιθανὸν νὰ εἶναι μεγαλυτέρα τῆς περυσινῆς.
Ο Κ. ΖΟΥ ΘΑΝ ΚΑΛΕΙ ΟΛΑΣ ΤΑΣ ΧΩΡΑΣ ΝΑ ΣΥΝΔΡΑΜΟΥΝ ΤΑ ΗΝΩΜΕΝΑ ΕΘΝΗ
ΑΘΗΝΑΙ, 4.— Ὁ Ἀμερικανὸς ἀξιωματοῦχος κ. Λαμπουΐς ἐδήλωσεν ὅτι αἱ Ἡνωμέναι Πολιτεῖαι θὰ συνεχίσουν τὴν βοήθειαν πρὸς τὴν Ἑλλάδα, ἡ ὁποία πιθανὸν νὰ εἶναι μεγαλυτέρα τῆς περυσινῆς.
Ο ΝΑΣΣΕΡ ΥΠΟΣΧΕΤΑΙ ΑΠΕΛΕΥΘΕΡΩΣΙΝ ΤΩΝ ΑΝΤΙΠΑΛΩΝ ΤΟΥ
ΑΘΗΝΑΙ, 4.— Ὁ Ἀμερικανὸς ἀξιωματοῦχος κ. Λαμπουΐς ἐδήλωσεν ὅτι αἱ Ἡνωμέναι Πολιτεῖαι θὰ συνεχίσουν τὴν βοήθειαν πρὸς τὴν Ἑλλάδα, ἡ ὁποία πιθανὸν νὰ εἶναι μεγαλυτέρα τῆς περυσινῆς.
ΤΟ ΤΑΞΙΔΙΟΝ ΤΟΥ ΚΕΝΝΕΝΤΥ ΔΕΝ ΕΙΧΕΝ ΑΠΟΤΕΛΕΣΜΑ ΚΑΤΑ ΤΟΥΣ ΡΩΣΣΟΥΣ
ΑΘΗΝΑΙ, 4.— Ὁ Ἀμερικανὸς ἀξιωματοῦχος κ. Λαμπουΐς ἐδήλωσεν ὅτι αἱ Ἡνωμέναι Πολιτεῖαι θὰ συνεχίσουν τὴν βοήθειαν πρὸς τὴν Ἑλλάδα, ἡ ὁποία πιθανὸν νὰ εἶναι μεγαλυτέρα τῆς περυσινῆς.
ΚΗΔΕΙΑ
Τὴν πρωΐαν ἐκηδεύθη ἡ ΕΛΕΝΗ ΒΕΡΖΙΝΑ
